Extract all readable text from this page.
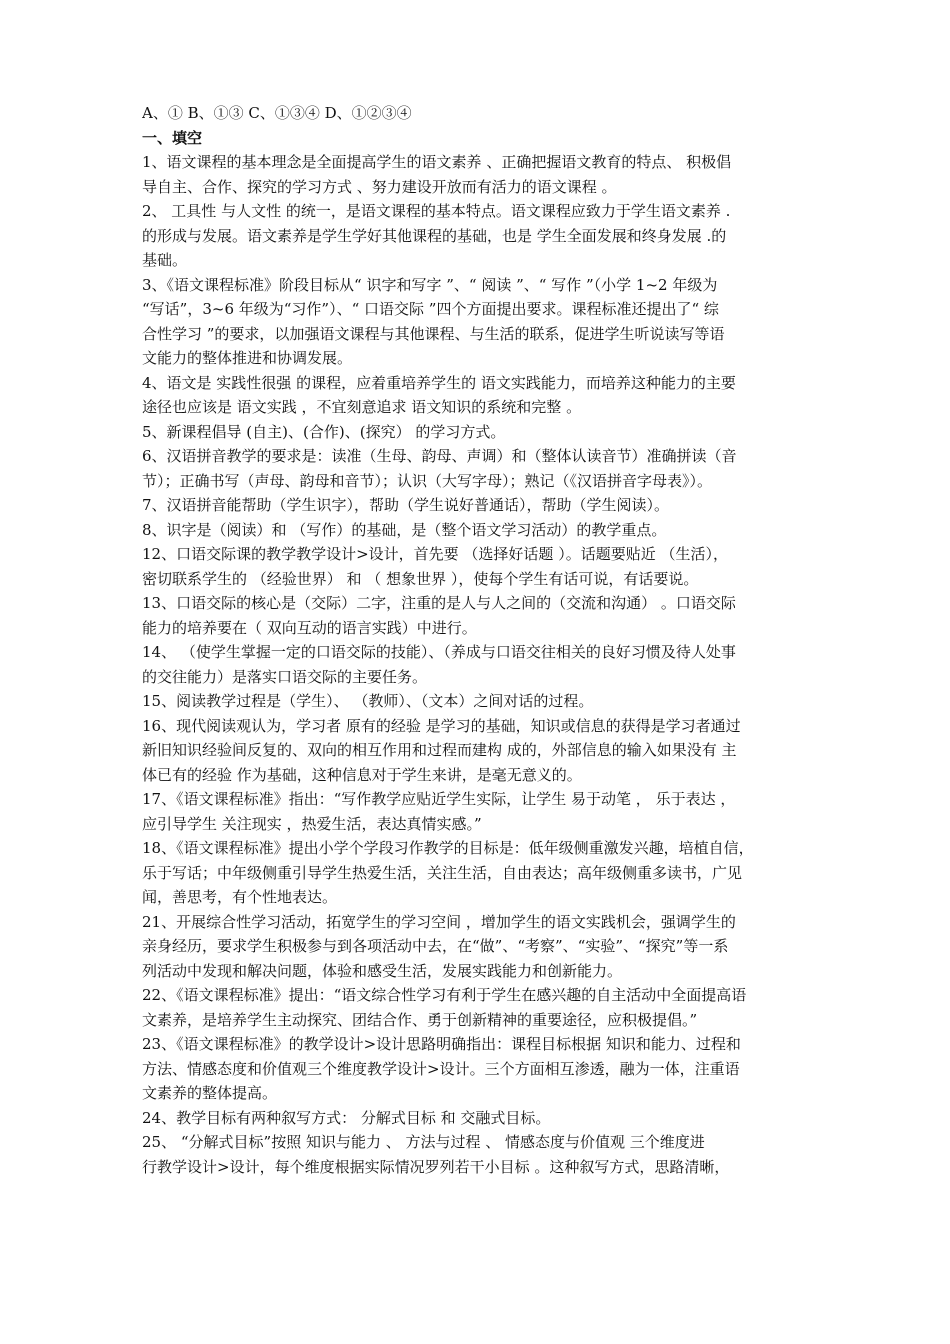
A、① B、①③ C、①③④ D、①②③④

一、填空

1、语文课程的基本理念是全面提高学生的语文素养 、正确把握语文教育的特点、 积极倡

导自主、合作、探究的学习方式 、努力建设开放而有活力的语文课程 。

2、 工具性 与人文性 的统一，是语文课程的基本特点。语文课程应致力于学生语文素养 .

的形成与发展。语文素养是学生学好其他课程的基础，也是 学生全面发展和终身发展 .的

基础。

3、《语文课程标准》阶段目标从“ 识字和写字 ”、“ 阅读 ”、“ 写作 ”（小学 1~2 年级为

“写话”，3~6 年级为“习作”）、“ 口语交际 ”四个方面提出要求。课程标准还提出了“ 综

合性学习 ”的要求，以加强语文课程与其他课程、与生活的联系，促进学生听说读写等语

文能力的整体推进和协调发展。

4、语文是 实践性很强 的课程，应着重培养学生的 语文实践能力，而培养这种能力的主要

途径也应该是 语文实践 ，不宜刻意追求 语文知识的系统和完整 。

5、新课程倡导 (自主)、(合作)、(探究） 的学习方式。

6、汉语拼音教学的要求是：读准（生母、韵母、声调）和（整体认读音节）准确拼读（音

节）；正确书写（声母、韵母和音节）；认识（大写字母）；熟记（《汉语拼音字母表》）。

7、汉语拼音能帮助（学生识字），帮助（学生说好普通话），帮助（学生阅读）。

8、识字是（阅读）和 （写作）的基础，是（整个语文学习活动）的教学重点。

12、口语交际课的教学教学设计>设计，首先要 （选择好话题 ）。话题要贴近 （生活），

密切联系学生的 （经验世界） 和 （ 想象世界 ），使每个学生有话可说，有话要说。

13、口语交际的核心是（交际）二字，注重的是人与人之间的（交流和沟通） 。口语交际

能力的培养要在（ 双向互动的语言实践）中进行。

14、 （使学生掌握一定的口语交际的技能）、（养成与口语交往相关的良好习惯及待人处事

的交往能力）是落实口语交际的主要任务。

15、阅读教学过程是（学生）、 （教师）、（文本）之间对话的过程。

16、现代阅读观认为，学习者 原有的经验 是学习的基础，知识或信息的获得是学习者通过

新旧知识经验间反复的、双向的相互作用和过程而建构 成的，外部信息的输入如果没有 主

体已有的经验 作为基础，这种信息对于学生来讲，是毫无意义的。

17、《语文课程标准》指出：“写作教学应贴近学生实际，让学生 易于动笔 ， 乐于表达 ，

应引导学生 关注现实 ，热爱生活，表达真情实感。”

18、《语文课程标准》提出小学个学段习作教学的目标是：低年级侧重激发兴趣，培植自信，

乐于写话；中年级侧重引导学生热爱生活，关注生活，自由表达；高年级侧重多读书，广见

闻，善思考，有个性地表达。

21、开展综合性学习活动，拓宽学生的学习空间 ，增加学生的语文实践机会，强调学生的

亲身经历，要求学生积极参与到各项活动中去，在“做”、“考察”、“实验”、“探究”等一系

列活动中发现和解决问题，体验和感受生活，发展实践能力和创新能力。

22、《语文课程标准》提出：“语文综合性学习有利于学生在感兴趣的自主活动中全面提高语

文素养，是培养学生主动探究、团结合作、勇于创新精神的重要途径，应积极提倡。”

23、《语文课程标准》的教学设计>设计思路明确指出：课程目标根据 知识和能力、过程和

方法、情感态度和价值观三个维度教学设计>设计。三个方面相互渗透，融为一体，注重语

文素养的整体提高。

24、教学目标有两种叙写方式： 分解式目标 和 交融式目标。

25、 “分解式目标”按照 知识与能力 、 方法与过程 、 情感态度与价值观 三个维度进

行教学设计>设计，每个维度根据实际情况罗列若干小目标 。这种叙写方式，思路清晰，
